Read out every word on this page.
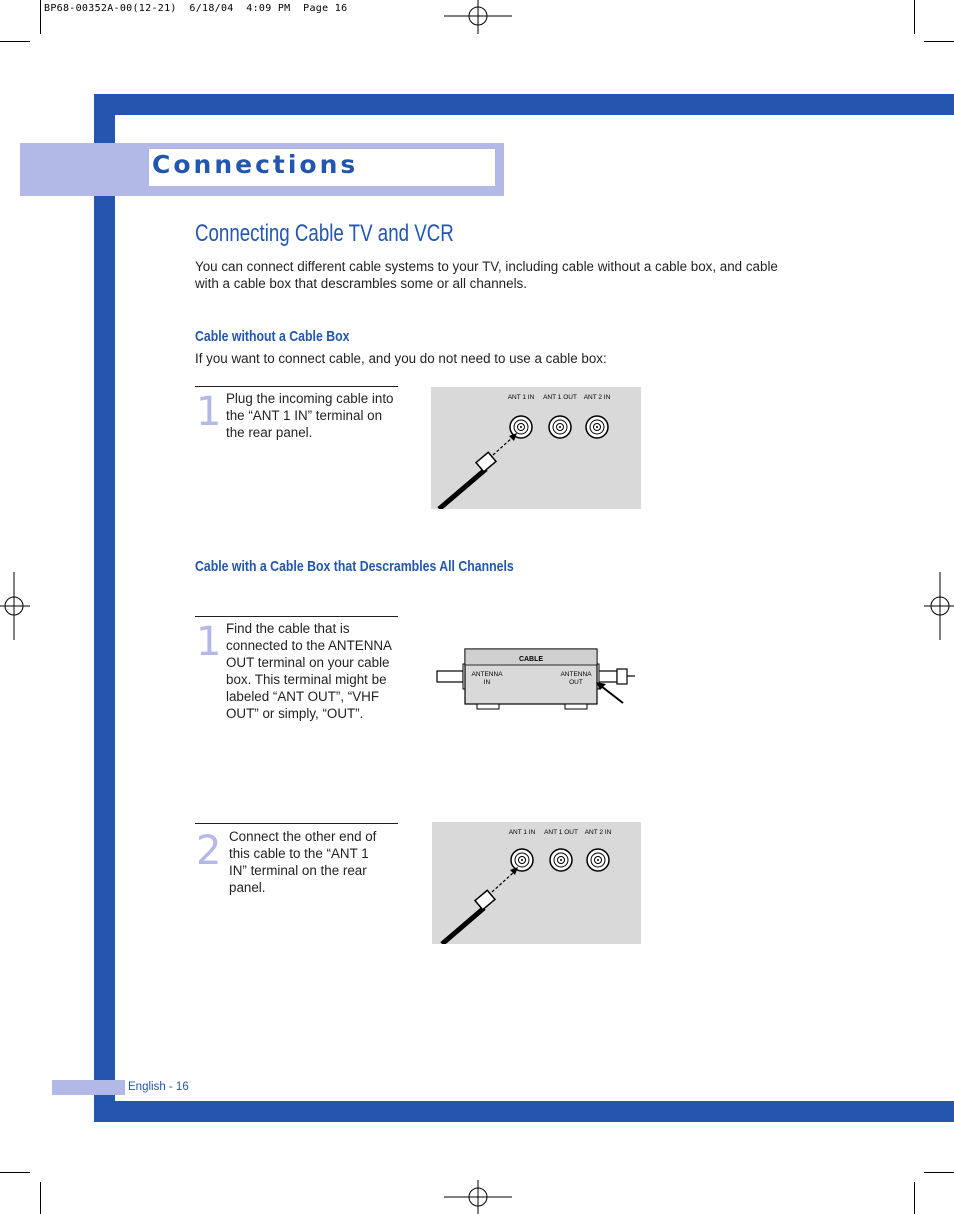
BP68-00352A-00(12-21)  6/18/04  4:09 PM  Page 16
Connections
Connecting Cable TV and VCR
You can connect different cable systems to your TV, including cable without a cable box, and cable with a cable box that descrambles some or all channels.
Cable without a Cable Box
If you want to connect cable, and you do not need to use a cable box:
1 Plug the incoming cable into the “ANT 1 IN” terminal on the rear panel.
ANT 1 IN ANT 1 OUT ANT 2 IN
Cable with a Cable Box that Descrambles All Channels
1 Find the cable that is connected to the ANTENNA OUT terminal on your cable box. This terminal might be labeled “ANT OUT”, “VHF OUT” or simply, “OUT”.
CABLE
ANTENNA
IN
ANTENNA
OUT
2 Connect the other end of this cable to the “ANT 1 IN” terminal on the rear panel.
ANT 1 IN ANT 1 OUT ANT 2 IN
English - 16
